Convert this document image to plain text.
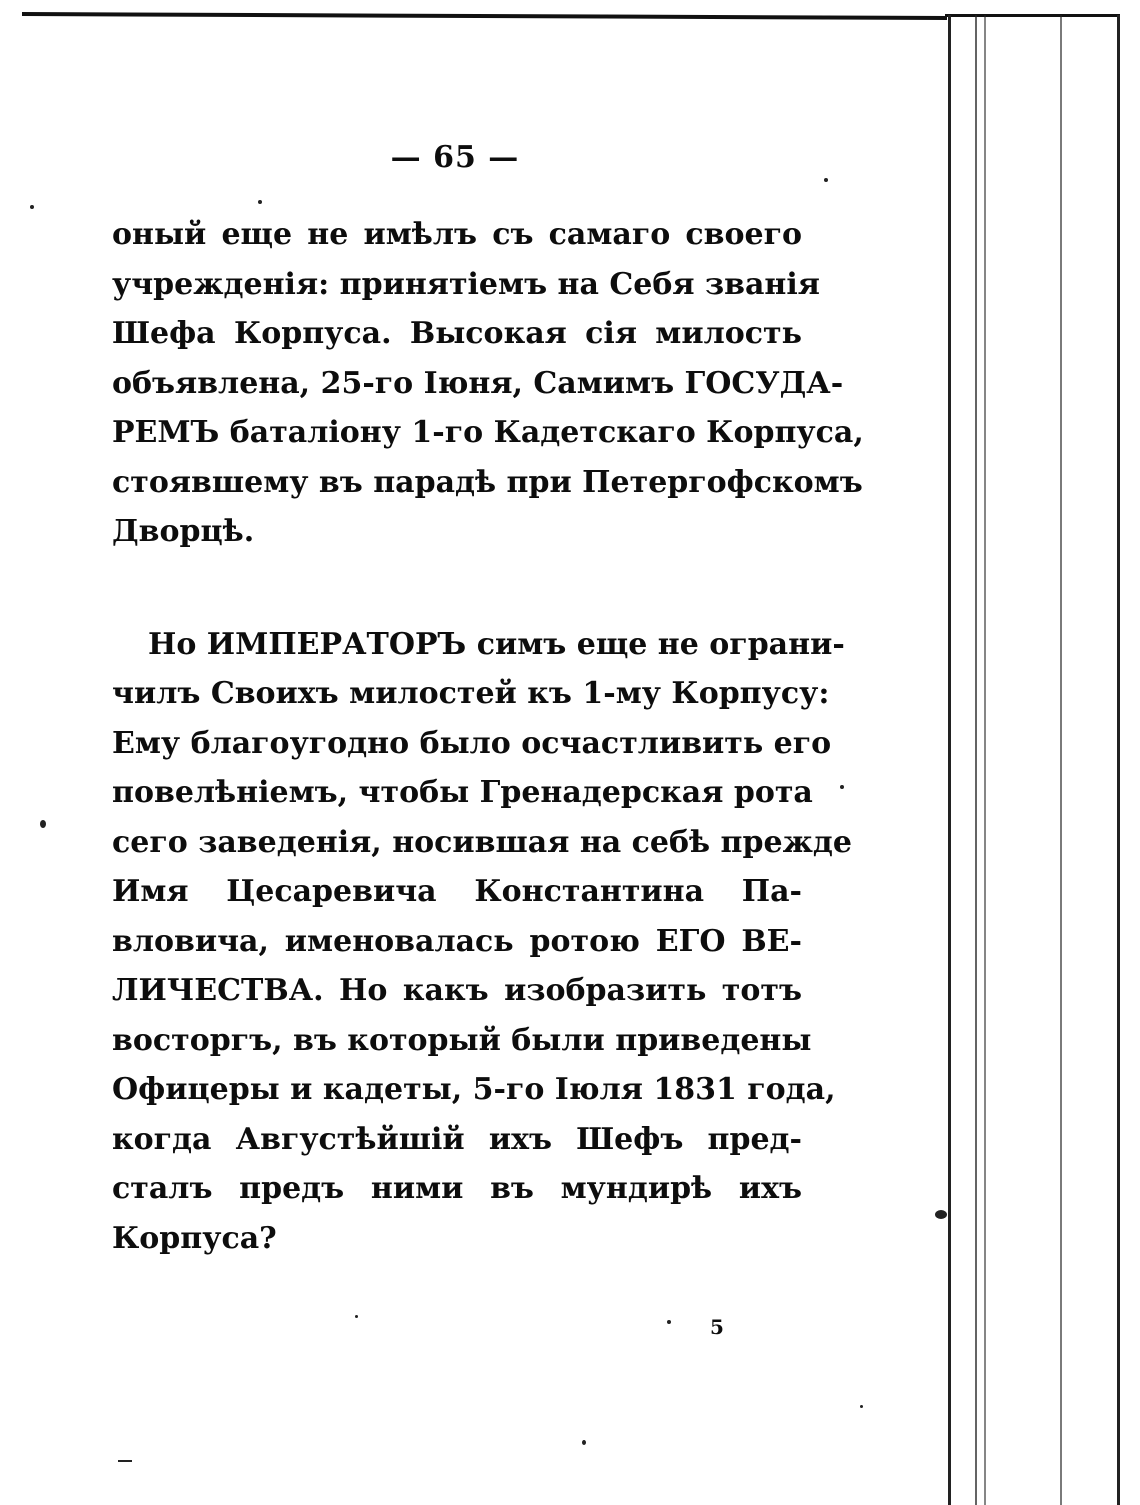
— 65 —
оный еще не имѣлъ съ самаго своего
учрежденія: принятіемъ на Себя званія
Шефа Корпуса. Высокая сія милость
объявлена, 25-го Іюня, Самимъ ГОСУДА-
РЕМЪ баталіону 1-го Кадетскаго Корпуса,
стоявшему въ парадѣ при Петергофскомъ
Дворцѣ.
Но ИМПЕРАТОРЪ симъ еще не ограни-
чилъ Своихъ милостей къ 1-му Корпусу:
Ему благоугодно было осчастливить его
повелѣніемъ, чтобы Гренадерская рота
сего заведенія, носившая на себѣ прежде
Имя Цесаревича Константина Па-
вловича, именовалась ротою ЕГО ВЕ-
ЛИЧЕСТВА. Но какъ изобразить тотъ
восторгъ, въ который были приведены
Офицеры и кадеты, 5-го Іюля 1831 года,
когда Августѣйшій ихъ Шефъ пред-
сталъ предъ ними въ мундирѣ ихъ
Корпуса?
5
